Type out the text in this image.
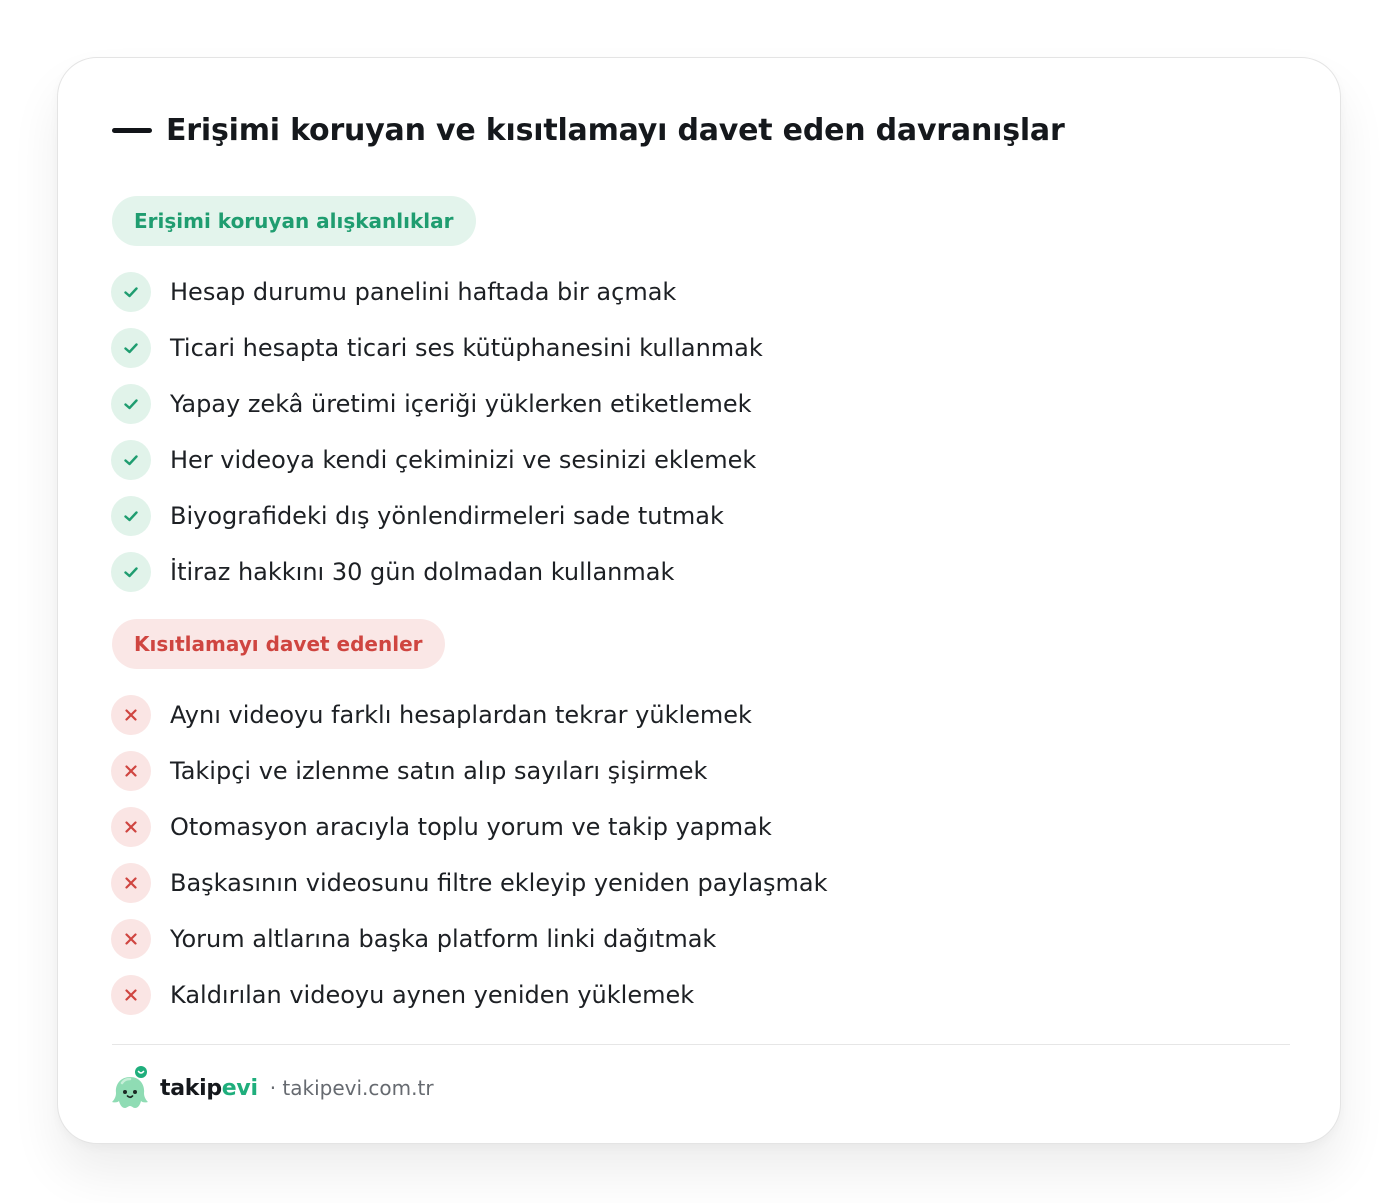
Erişimi koruyan ve kısıtlamayı davet eden davranışlar
Erişimi koruyan alışkanlıklar
Hesap durumu panelini haftada bir açmak
Ticari hesapta ticari ses kütüphanesini kullanmak
Yapay zekâ üretimi içeriği yüklerken etiketlemek
Her videoya kendi çekiminizi ve sesinizi eklemek
Biyografideki dış yönlendirmeleri sade tutmak
İtiraz hakkını 30 gün dolmadan kullanmak
Kısıtlamayı davet edenler
Aynı videoyu farklı hesaplardan tekrar yüklemek
Takipçi ve izlenme satın alıp sayıları şişirmek
Otomasyon aracıyla toplu yorum ve takip yapmak
Başkasının videosunu filtre ekleyip yeniden paylaşmak
Yorum altlarına başka platform linki dağıtmak
Kaldırılan videoyu aynen yeniden yüklemek
takipevi · takipevi.com.tr
